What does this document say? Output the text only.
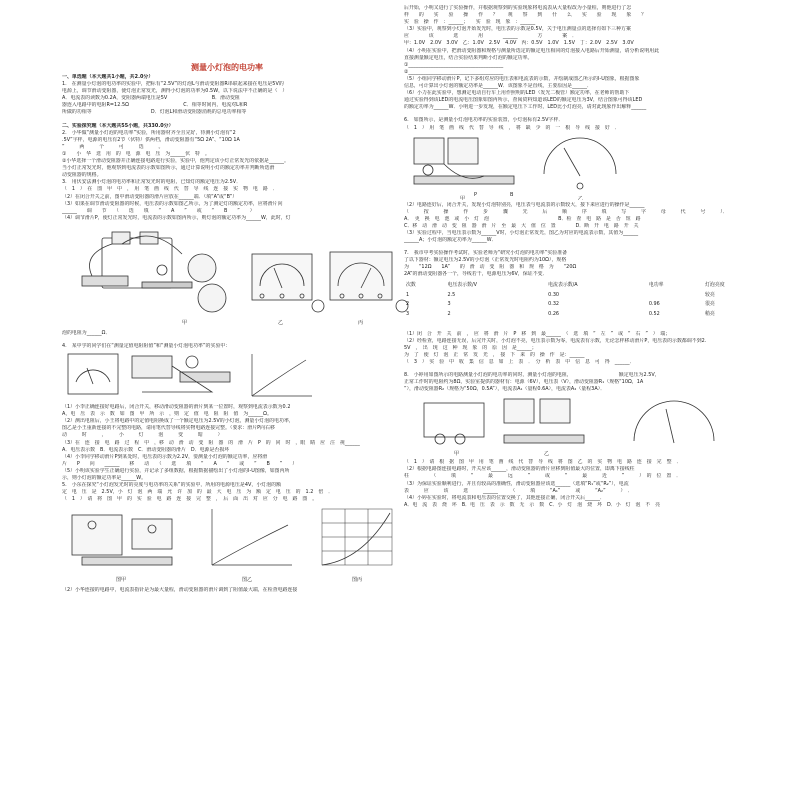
测量小灯泡的电功率
一、单选题（本大题共1小题，共2.0分）
1.　在测量小灯泡的电功率的实验中，把标有“2.5V”的灯泡L与滑动变阻器R串联起来接在电压是5V的
电源上，调节滑动变阻器，使灯泡正常发光，测得小灯泡的功率为0.5W，以下说法中不正确的是（　）
A．电流表的读数为0.2A，变阻器两端电压是5V　　　　　　　　　B．滑动变阻
器连入电路中的电阻R=12.5Ω　　　　　　　　　　　C．相等时间内，电流对L和R
所做的功相等　　　　　　　　　　　　D．灯泡L和滑动变阻器消耗的总电功率相等
二、实验探究题（本大题共55小题，共330.0分）
2.　小华做“测量小灯泡的电功率”实验，所用器材齐全且完好，待测小灯泡有“2
.5V”字样，电源的电压有2节（伏特）供两档，滑动变阻器有“5Ω 2A”、“10Ω 1A
”　　　两　　　个　　　可　　　选　　　。
①　　小　华　选　用　的　电　源　电　压　为______伏　特　。
②小华选择一个滑动变阻器并正确连接电路进行实验，实验中，他判定该小灯正常发光的依据是______。
当小灯正常发光时，他观察到电流表的示数如图所示，通过计算说明小灯的额定功率并判断所选滑
动变阻器的规格。
3.　用伏安法测小灯泡的电功率和正常发光时的电阻，已知灯的额定电压为2.5V．
（　1　）　在　图　甲　中　，　用　笔　画　线　代　替　导　线　连　接　实　物　电　路　．
（2）在闭合开关之前，图中滑动变阻器的滑片应放在______端．（填“A”或“B”）
（3）如果在调节滑动变阻器的时候，电压表的示数如图乙所示，为了测定灯的额定功率，应将滑片向
______　　调　　节　　（　　选　　填　　“　　A　　”　　或　　“　　B　　”　　）
（4）调节滑片P，使灯正常发光时，电流表的示数如图丙所示，则灯泡的额定功率为______W，此时，灯
甲	乙	丙
泡的电阻为______Ω．
4.　某中学的同学们在“测量定值电阻阻值”和“测量小灯泡电功率”的实验中：
（1）小李正确连接好电路后，闭合开关，移动滑动变阻器的滑片到某一位置时，观察到电流表示数为0.2
A，电　压　表　示　数　如　图　甲　所　示　，则　定　值　电　阻　阻　值　为______Ω。
（2）测出电阻后，小王将电路中的定值电阻换成了一个额定电压为2.5V的小灯泡，测量小灯泡的电功率，
图乙是小王重新连接的不完整的电路，请用笔代替导线将实物电路连接完整。（要求：滑片P向右移
动　　　时　　　，　　　小　　　灯　　　泡　　　变　　　暗　　　）
（3）在　连　接　电　路　过　程　中　，移　动　滑　动　变　阻　器　的　滑　片　P　的　同　时　，眼　睛　应　注　视______
A．电压表示数　B．电流表示数　C．滑动变阻器的滑片　D．电源是否损坏
（4）小李同学移动滑片P到某处时，电压表的示数为2.2V，要测量小灯泡的额定功率，应将滑
片　　P　　向　　______　　移　　动　　（　　选　　填　　“　　A　　”　　或　　“　　B　　”　　）
（5）小明该实验学生正确进行实验，并记录了多组数据，根据数据描绘出了小灯泡的I-U图像，如图丙所
示，则小灯泡的额定功率是______W。
5.　小东在探究“小灯泡发光时的亮度与电功率的关系”的实验中，所用的电源电压是4V，小灯泡的额
定　电　压　是　2.5V，小　灯　泡　两　端　允　许　加　的　最　大　电　压　为　额　定　电　压　的　1.2　倍　．
（　1　）　请　将　图　甲　的　实　验　电　路　连　接　完　整　，　后　面　出　对　应　分　电　路　图　。
图甲	图乙	图丙
（2）小华连接的电路中，电流表指针是为最大量程，滑动变阻器的滑片调到了阻值最大端，在检查电路连接
后开始，小明又进行了实验操作，并根据观察到的实验现象将电流表从大量程改为小量程，则他进行了怎
样　　的　　实　　验　　操　　作　　？　　观　　察　　到　　什　　么　　实　　验　　现　　象　　？
实　验　操　作　：______；　　实　验　现　象　：______
（3）实验中，观察到小灯泡开始发光时，电压表的示数是0.5V，关于电压测量点的选择有如下三种方案
应　　　　该　　　　选　　　　用　　　　______　　　　方　　　　案　．
甲：1.0V　2.0V　3.0V　乙：1.0V　2.5V　4.0V　丙：0.5V　1.0V　1.5V　丁：2.0V　2.5V　3.0V
（4）小明在实验中，把滑动变阻器和规格与测量所选定的额定电压相同的灯泡接入电路后开始测量，请分析说明用此
直接测量额定电压，结合实验结果判断小灯泡的额定功率。
①______________________________________
②______________________________________
（5）小组同学移动滑片P，记下多组对应的电压表和电流表的示数，并绘制成图乙所示的I-U图象，根据图象
信息，可计算出小灯泡的额定功率是______W．该图象不是直线，主要原因是______．
（6）小力在此实验中，想测定电动自行车上用作照明的LED（发光二极管）额定功率，在老师的帮助下
通过实验得到该LED的电流电压图象如图丙所示，查阅资料知道该LED的额定电压为3V，结合图象可得该LED
的额定功率为______W．小明进一步发现，在额定电压下工作时，LED比小灯泡亮，请对此现象作出解释______
6.　如图所示，是测量小灯泡电功率的实验装置，小灯泡标有2.5V字样．
（　1　）　用　笔　画　线　代　替　导　线　，　将　缺　少　的　一　根　导　线　接　好　．
P	B
甲	乙
（2）电路连好后，闭合开关，发现小灯泡特别亮，电压表与电流表的示数较大，接下来应进行的操作是______
（　　　按　　　操　　　作　　　步　　　骤　　　先　　　后　　　顺　　　序　　　填　　　写　　　字　　　母　　　代　　　号　　　）．
A．　更　换　电　池　或　小　灯　泡　　　　　　　　　　　　　　B．检　查　电　路　是　否　短　路
C．移　动　滑　动　变　阻　器　滑　片　至　最　大　值　位　置　　　　D．断　开　电　路　开　关
（3）实验过程中，当电压表示数为______V时，小灯泡正常发光，图乙为对应的电流表示数，其值为______
______A；小灯泡的额定功率为______W．
7.　我市中考实验操作考试时，实验老师为“研究小灯泡的电功率”实验准备
了以下器材：额定电压为2.5V的小灯泡（正常发光时电阻约为10Ω），规格
为　　“12Ω　　1A”　　的　滑　动　变　阻　器　和　规　格　为　　“20Ω
2A”的滑动变阻器各一个，导线若干，电源电压为6V，保证不变．
次数	电压表示数/V	电流表示数/A	电功率	灯泡亮度
1	2.5	0.30		较亮
2	3	0.32	0.96	很亮
3	2	0.26	0.52	稍亮
（1）闭　合　开　关　前　，　应　将　滑　片　P　移　到　最______　（　选　填　“　左　”　或　“　右　”　）　端；
（2）经检查，电路连接无误，后完开关时，小灯泡不亮，电压表示数为零，电流表有示数，无论怎样移动滑片P，电压表的示数都调不到2.
5V　，　出　现　这　种　现　象　的　原　因　是______；
为　了　使　灯　泡　正　常　发　光　，　接　下　来　的　操　作　是：______
（　3　）　实　验　中　收　集　信　息　如　上　表　．　分　析　表　中　信　息　可　得　______．
8.　小婷用如图所示的电路测量小灯泡的电功率的同时，测量小灯泡的电阻，　　　　　　　　　　额定电压为2.5V，
正常工作时的电阻约为8Ω，实验室提供的器材有：电源（6V），电压表（V），滑动变阻器R₁（规格“10Ω，1A
”），滑动变阻器R₂（规格为“50Ω，0.5A”），电流表A₁（量程0.6A），电流表A₂（量程3A）．
甲	乙
（　1　）　请　根　据　图　甲　用　笔　画　线　代　替　导　线　将　图　乙　的　实　物　电　路　连　接　完　整　．
（2）根据电路图连接电路时，开关应该______，滑动变阻器的滑片应移到阻值最大的位置，即离下接线柱
柱　　　　　（　　　填　　　“　　　最　　　远　　　”　　　或　　　“　　　最　　　近　　　”　　　）　的　位　置　．
（3）为保证实验顺利进行，并且有较高的准确性，滑动变阻器应该选______（选填“R₁”或“R₂”），电流
表　　　应　　　该　　　选　　　______　　　（　　　填　　　“A₁”　　　或　　　“A₂”　　　）　．
（4）小婷在实验时，将电流表和电压表的位置交换了，其他连接正确，闭合开关后______．
A．电　流　表　烧　坏　B．电　压　表　示　数　无　示　数　C．小　灯　泡　烧　坏　D．小　灯　泡　不　亮
